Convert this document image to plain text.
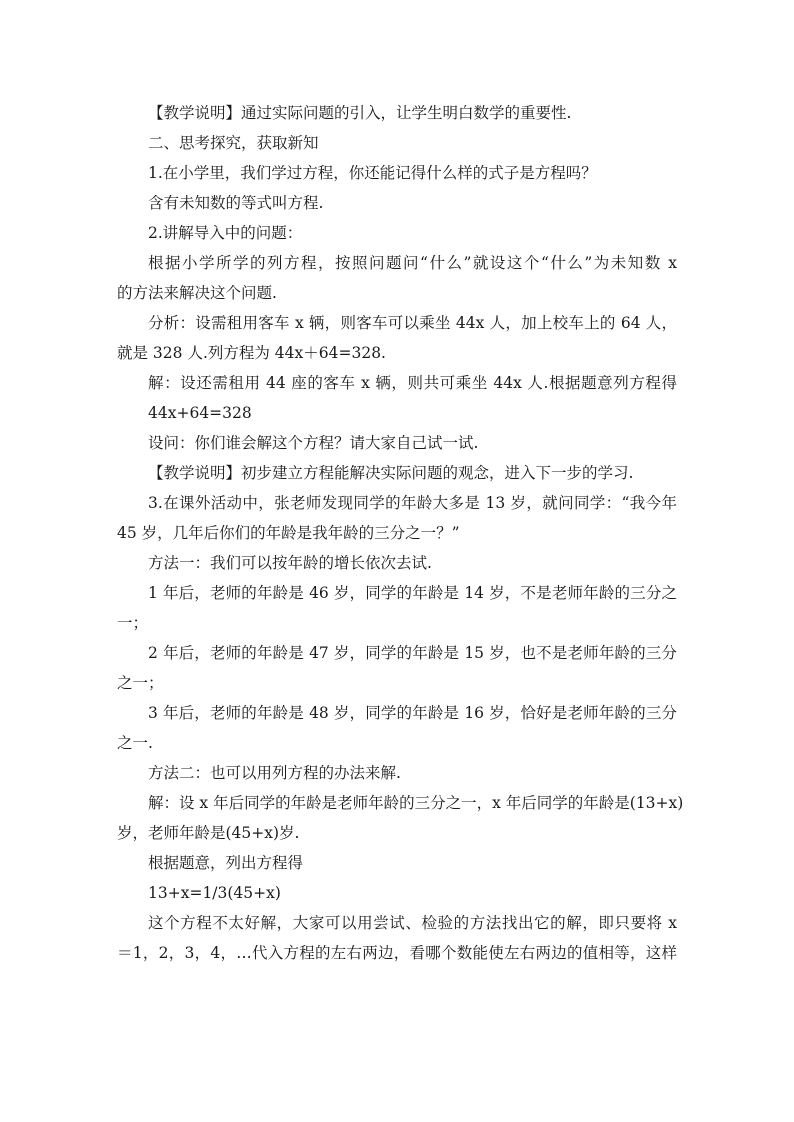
【教学说明】通过实际问题的引入，让学生明白数学的重要性.
二、思考探究，获取新知
1.在小学里，我们学过方程，你还能记得什么样的式子是方程吗？
含有未知数的等式叫方程.
2.讲解导入中的问题：
根据小学所学的列方程，按照问题问“什么”就设这个“什么”为未知数 x
的方法来解决这个问题.
分析：设需租用客车 x 辆，则客车可以乘坐 44x 人，加上校车上的 64 人，
就是 328 人.列方程为 44x＋64=328.
解：设还需租用 44 座的客车 x 辆，则共可乘坐 44x 人.根据题意列方程得
44x+64=328
设问：你们谁会解这个方程？请大家自己试一试.
【教学说明】初步建立方程能解决实际问题的观念，进入下一步的学习.
3.在课外活动中，张老师发现同学的年龄大多是 13 岁，就问同学：“我今年
45 岁，几年后你们的年龄是我年龄的三分之一？”
方法一：我们可以按年龄的增长依次去试.
1 年后，老师的年龄是 46 岁，同学的年龄是 14 岁，不是老师年龄的三分之
一；
2 年后，老师的年龄是 47 岁，同学的年龄是 15 岁，也不是老师年龄的三分
之一；
3 年后，老师的年龄是 48 岁，同学的年龄是 16 岁，恰好是老师年龄的三分
之一.
方法二：也可以用列方程的办法来解.
解：设 x 年后同学的年龄是老师年龄的三分之一，x 年后同学的年龄是(13+x)
岁，老师年龄是(45+x)岁.
根据题意，列出方程得
13+x=1/3(45+x)
这个方程不太好解，大家可以用尝试、检验的方法找出它的解，即只要将 x
＝1，2，3，4，…代入方程的左右两边，看哪个数能使左右两边的值相等，这样
